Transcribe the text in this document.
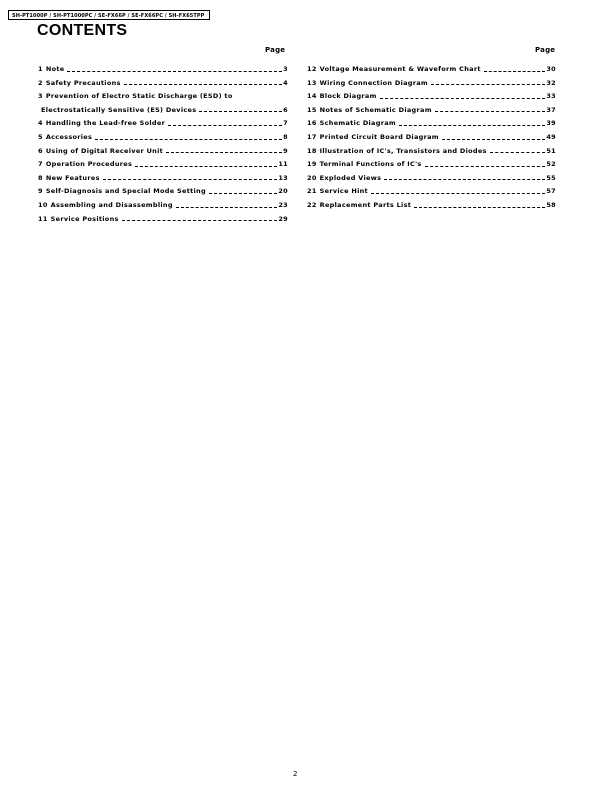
SH-PT1000P / SH-PT1000PC / SE-FX66P / SE-FX66PC / SH-FX65TPP
CONTENTS
Page	Page
1 Note	3
2 Safety Precautions	4
3 Prevention of Electro Static Discharge (ESD) to
Electrostatically Sensitive (ES) Devices	6
4 Handling the Lead-free Solder	7
5 Accessories	8
6 Using of Digital Receiver Unit	9
7 Operation Procedures	11
8 New Features	13
9 Self-Diagnosis and Special Mode Setting	20
10 Assembling and Disassembling	23
11 Service Positions	29
12 Voltage Measurement & Waveform Chart	30
13 Wiring Connection Diagram	32
14 Block Diagram	33
15 Notes of Schematic Diagram	37
16 Schematic Diagram	39
17 Printed Circuit Board Diagram	49
18 Illustration of IC's, Transistors and Diodes	51
19 Terminal Functions of IC's	52
20 Exploded Views	55
21 Service Hint	57
22 Replacement Parts List	58
2
